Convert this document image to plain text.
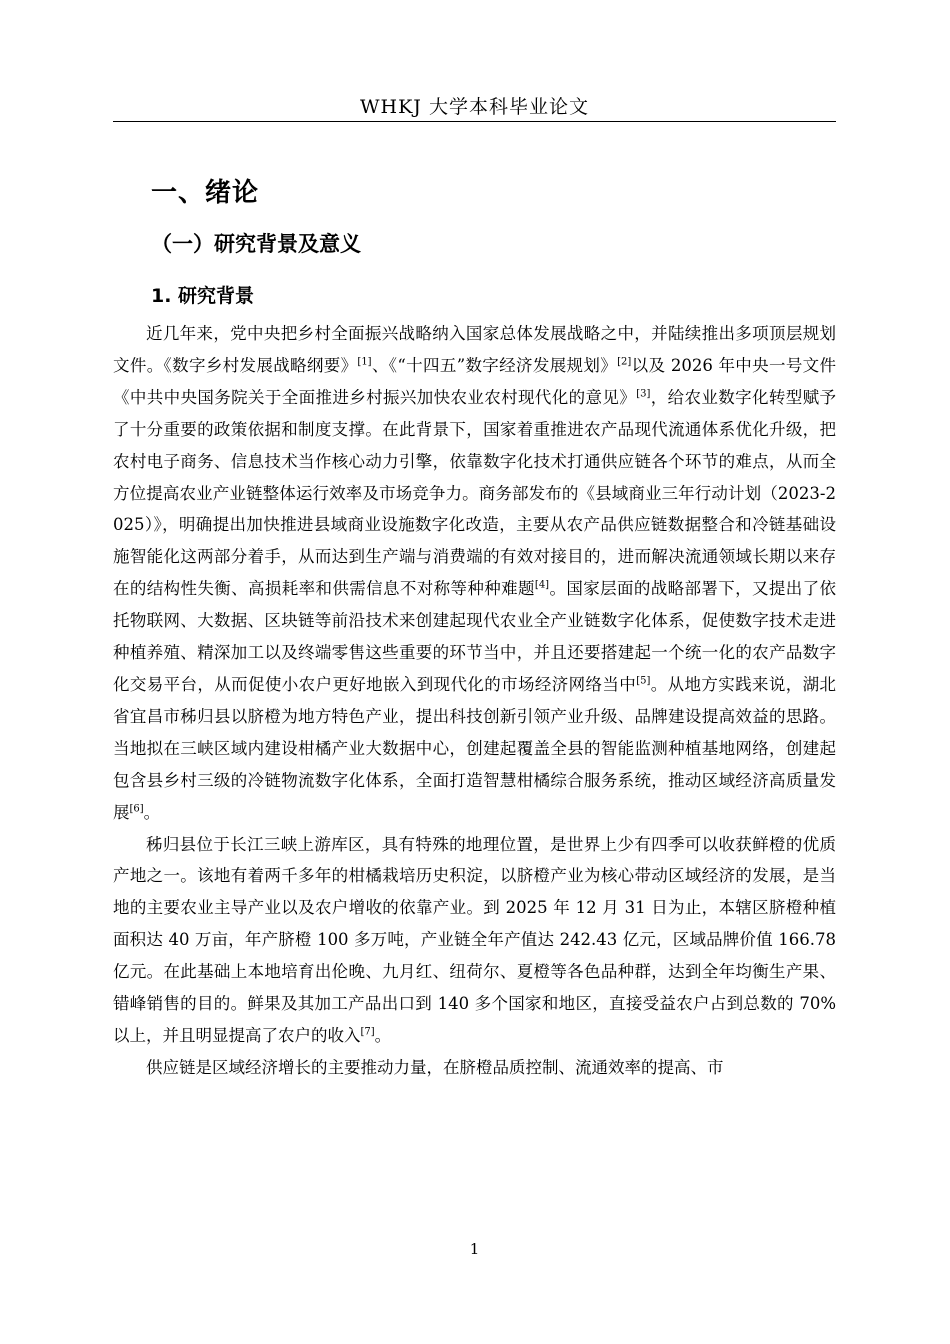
WHKJ 大学本科毕业论文
一、绪论
（一）研究背景及意义
1. 研究背景

近几年来，党中央把乡村全面振兴战略纳入国家总体发展战略之中，并陆续推出多项顶层规划文件。《数字乡村发展战略纲要》[1]、《“十四五”数字经济发展规划》[2]以及 2026 年中央一号文件《中共中央国务院关于全面推进乡村振兴加快农业农村现代化的意见》[3]，给农业数字化转型赋予了十分重要的政策依据和制度支撑。在此背景下，国家着重推进农产品现代流通体系优化升级，把农村电子商务、信息技术当作核心动力引擎，依靠数字化技术打通供应链各个环节的难点，从而全方位提高农业产业链整体运行效率及市场竞争力。商务部发布的《县域商业三年行动计划（2023-2025）》，明确提出加快推进县域商业设施数字化改造，主要从农产品供应链数据整合和冷链基础设施智能化这两部分着手，从而达到生产端与消费端的有效对接目的，进而解决流通领域长期以来存在的结构性失衡、高损耗率和供需信息不对称等种种难题[4]。国家层面的战略部署下，又提出了依托物联网、大数据、区块链等前沿技术来创建起现代农业全产业链数字化体系，促使数字技术走进种植养殖、精深加工以及终端零售这些重要的环节当中，并且还要搭建起一个统一化的农产品数字化交易平台，从而促使小农户更好地嵌入到现代化的市场经济网络当中[5]。从地方实践来说，湖北省宜昌市秭归县以脐橙为地方特色产业，提出科技创新引领产业升级、品牌建设提高效益的思路。当地拟在三峡区域内建设柑橘产业大数据中心，创建起覆盖全县的智能监测种植基地网络，创建起包含县乡村三级的冷链物流数字化体系，全面打造智慧柑橘综合服务系统，推动区域经济高质量发展[6]。

秭归县位于长江三峡上游库区，具有特殊的地理位置，是世界上少有四季可以收获鲜橙的优质产地之一。该地有着两千多年的柑橘栽培历史积淀，以脐橙产业为核心带动区域经济的发展，是当地的主要农业主导产业以及农户增收的依靠产业。到 2025 年 12 月 31 日为止，本辖区脐橙种植面积达 40 万亩，年产脐橙 100 多万吨，产业链全年产值达 242.43 亿元，区域品牌价值 166.78 亿元。在此基础上本地培育出伦晚、九月红、纽荷尔、夏橙等各色品种群，达到全年均衡生产果、错峰销售的目的。鲜果及其加工产品出口到 140 多个国家和地区，直接受益农户占到总数的 70%以上，并且明显提高了农户的收入[7]。

供应链是区域经济增长的主要推动力量，在脐橙品质控制、流通效率的提高、市

1
